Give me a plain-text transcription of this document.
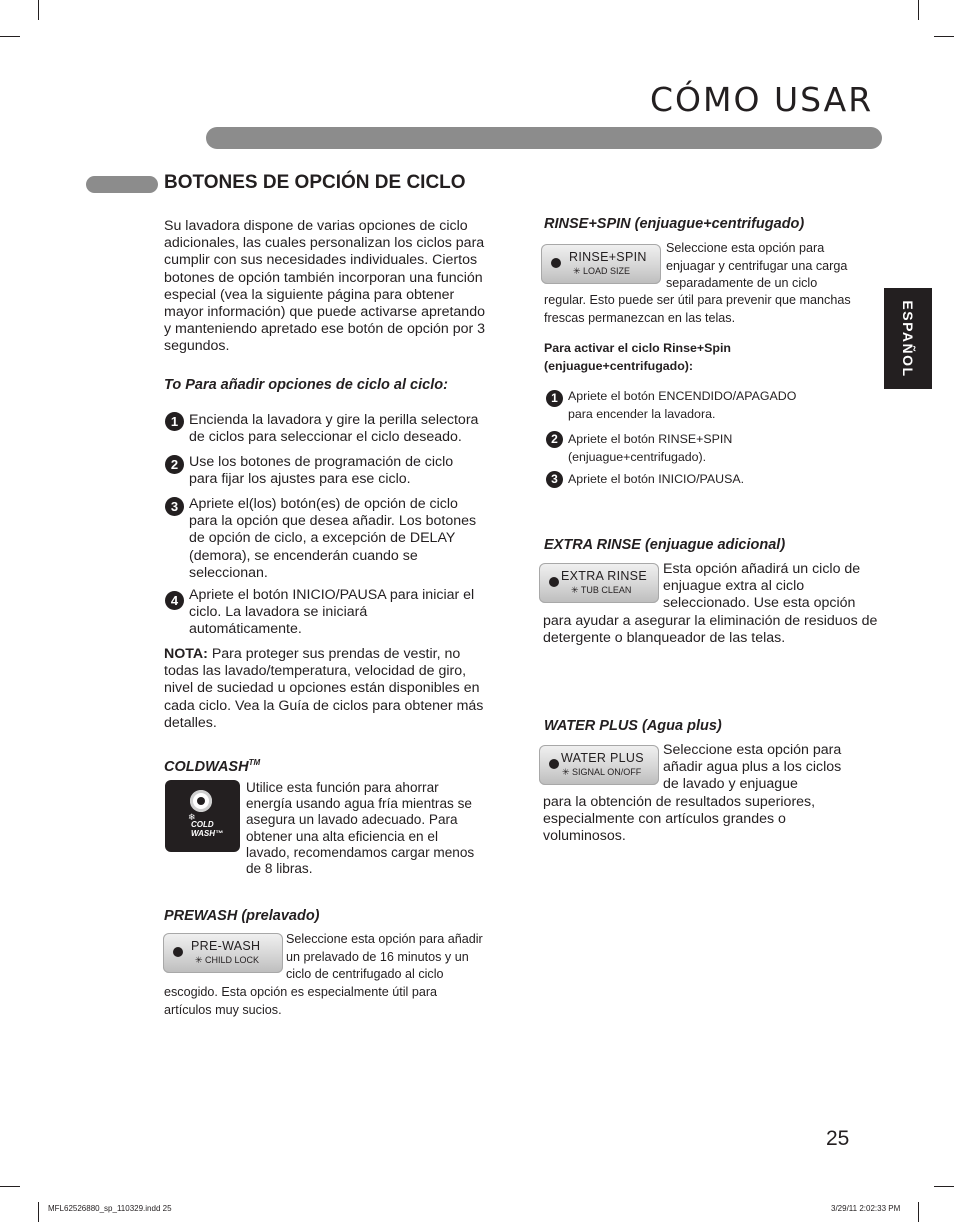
CÓMO USAR
BOTONES DE OPCIÓN DE CICLO
ESPAÑOL
Su lavadora dispone de varias opciones de ciclo adicionales, las cuales personalizan los ciclos para cumplir con sus necesidades individuales. Ciertos botones de opción también incorporan una función especial (vea la siguiente página para obtener mayor información) que puede activarse apretando y manteniendo apretado ese botón de opción por 3 segundos.
To Para añadir opciones de ciclo al ciclo:
1 Encienda la lavadora y gire la perilla selectora de ciclos para seleccionar el ciclo deseado.
2 Use los botones de programación de ciclo para fijar los ajustes para ese ciclo.
3 Apriete el(los) botón(es) de opción de ciclo para la opción que desea añadir. Los botones de opción de ciclo, a excepción de DELAY (demora), se encenderán cuando se seleccionan.
4 Apriete el botón INICIO/PAUSA para iniciar el ciclo. La lavadora se iniciará automáticamente.
NOTA: Para proteger sus prendas de vestir, no todas las lavado/temperatura, velocidad de giro, nivel de suciedad u opciones están disponibles en cada ciclo. Vea la Guía de ciclos para obtener más detalles.
COLDWASH™
❄
COLD
WASH™
Utilice esta función para ahorrar energía usando agua fría mientras se asegura un lavado adecuado. Para obtener una alta eficiencia en el lavado, recomendamos cargar menos de 8 libras.
PREWASH (prelavado)
PRE-WASH
✳ CHILD LOCK
Seleccione esta opción para añadir un prelavado de 16 minutos y un ciclo de centrifugado al ciclo
escogido. Esta opción es especialmente útil para artículos muy sucios.
RINSE+SPIN (enjuague+centrifugado)
RINSE+SPIN
✳ LOAD SIZE
Seleccione esta opción para enjuagar y centrifugar una carga separadamente de un ciclo
regular. Esto puede ser útil para prevenir que manchas frescas permanezcan en las telas.
Para activar el ciclo Rinse+Spin (enjuague+centrifugado):
1 Apriete el botón ENCENDIDO/APAGADO para encender la lavadora.
2 Apriete el botón RINSE+SPIN (enjuague+centrifugado).
3 Apriete el botón INICIO/PAUSA.
EXTRA RINSE (enjuague adicional)
EXTRA RINSE
✳ TUB CLEAN
Esta opción añadirá un ciclo de enjuague extra al ciclo seleccionado. Use esta opción
para ayudar a asegurar la eliminación de residuos de detergente o blanqueador de las telas.
WATER PLUS (Agua plus)
WATER PLUS
✳ SIGNAL ON/OFF
Seleccione esta opción para añadir agua plus a los ciclos de lavado y enjuague
para la obtención de resultados superiores, especialmente con artículos grandes o voluminosos.
25
MFL62526880_sp_110329.indd 25	3/29/11 2:02:33 PM
